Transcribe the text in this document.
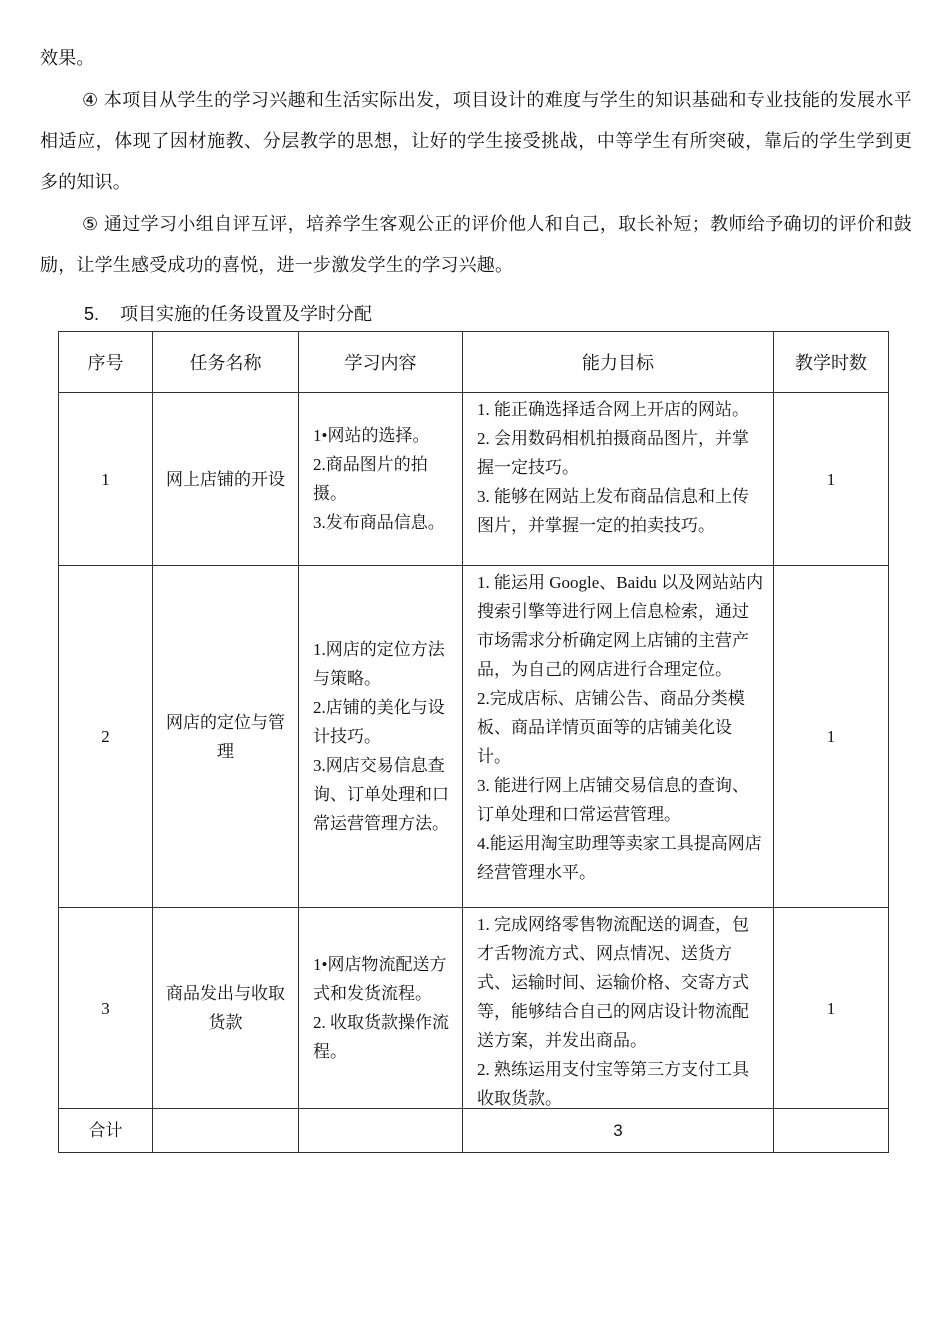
效果。

④ 本项目从学生的学习兴趣和生活实际出发，项目设计的难度与学生的知识基础和专业技能的发展水平相适应，体现了因材施教、分层教学的思想，让好的学生接受挑战，中等学生有所突破，靠后的学生学到更多的知识。

⑤ 通过学习小组自评互评，培养学生客观公正的评价他人和自己，取长补短；教师给予确切的评价和鼓励，让学生感受成功的喜悦，进一步激发学生的学习兴趣。

5. 项目实施的任务设置及学时分配

序号	任务名称	学习内容	能力目标	教学时数
1	网上店铺的开设	1•网站的选择。
2.商品图片的拍摄。
3.发布商品信息。	1. 能正确选择适合网上开店的网站。
2. 会用数码相机拍摄商品图片，并掌握一定技巧。
3. 能够在网站上发布商品信息和上传图片，并掌握一定的拍卖技巧。	1
2	网店的定位与管理	1.网店的定位方法与策略。
2.店铺的美化与设计技巧。
3.网店交易信息查询、订单处理和口常运营管理方法。	1. 能运用 Google、Baidu 以及网站站内搜索引擎等进行网上信息检索，通过市场需求分析确定网上店铺的主营产品，为自己的网店进行合理定位。
2.完成店标、店铺公告、商品分类模板、商品详情页面等的店铺美化设计。
3. 能进行网上店铺交易信息的查询、订单处理和口常运营管理。
4.能运用淘宝助理等卖家工具提高网店经营管理水平。	1
3	商品发出与收取货款	1•网店物流配送方式和发货流程。
2. 收取货款操作流程。	1. 完成网络零售物流配送的调查，包才舌物流方式、网点情况、送货方式、运输时间、运输价格、交寄方式等，能够结合自己的网店设计物流配送方案，并发出商品。
2. 熟练运用支付宝等第三方支付工具收取货款。	1
合计			3	
